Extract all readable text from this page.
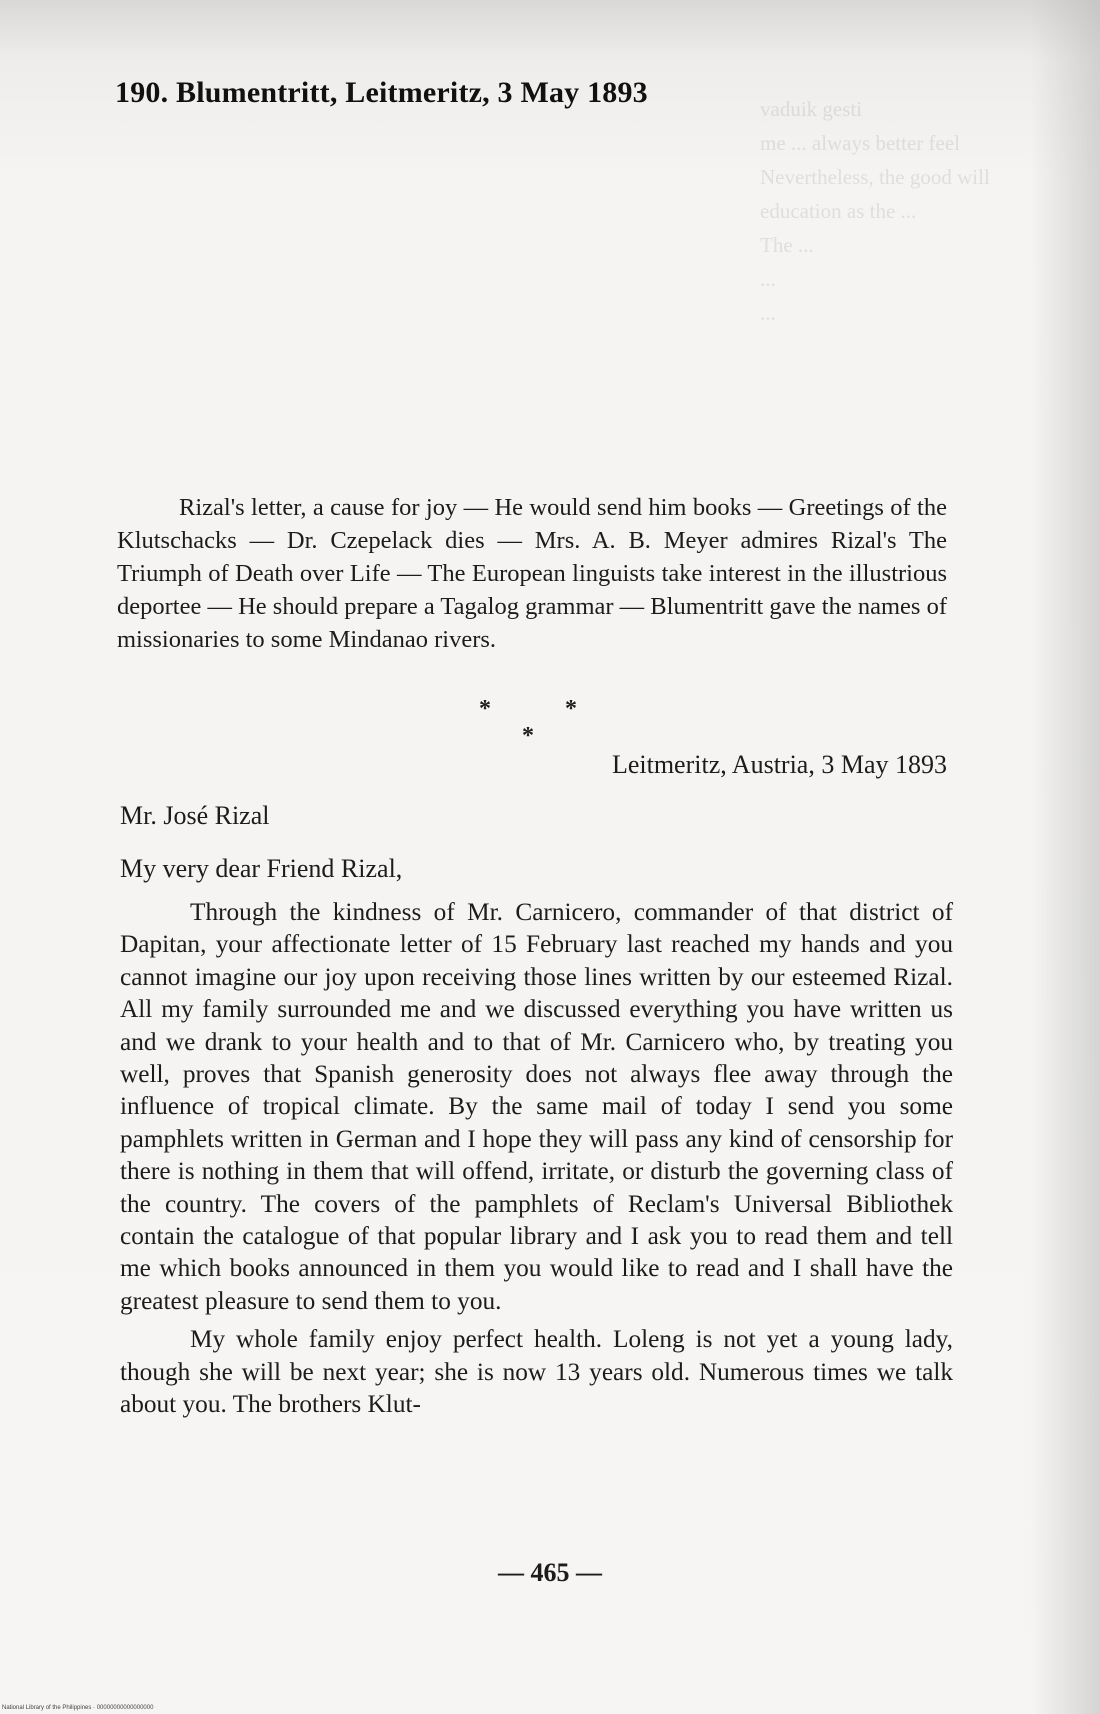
190. Blumentritt, Leitmeritz, 3 May 1893	vaduik gesti
me ... always better feel
Nevertheless, the good will
education as the ...
The ...
...
...

Rizal's letter, a cause for joy — He would send him books — Greetings of the Klutschacks — Dr. Czepelack dies — Mrs. A. B. Meyer admires Rizal's The Triumph of Death over Life — The European linguists take interest in the illustrious deportee — He should prepare a Tagalog grammar — Blumentritt gave the names of missionaries to some Mindanao rivers.

* * *

Leitmeritz, Austria, 3 May 1893

Mr. José Rizal

My very dear Friend Rizal,

Through the kindness of Mr. Carnicero, commander of that district of Dapitan, your affectionate letter of 15 February last reached my hands and you cannot imagine our joy upon receiving those lines written by our esteemed Rizal. All my family surrounded me and we discussed everything you have written us and we drank to your health and to that of Mr. Carnicero who, by treating you well, proves that Spanish generosity does not always flee away through the influence of tropical climate. By the same mail of today I send you some pamphlets written in German and I hope they will pass any kind of censorship for there is nothing in them that will offend, irritate, or disturb the governing class of the country. The covers of the pamphlets of Reclam's Universal Bibliothek contain the catalogue of that popular library and I ask you to read them and tell me which books announced in them you would like to read and I shall have the greatest pleasure to send them to you.

My whole family enjoy perfect health. Loleng is not yet a young lady, though she will be next year; she is now 13 years old. Numerous times we talk about you. The brothers Klut-

— 465 —

National Library of the Philippines · 00000000000000000
